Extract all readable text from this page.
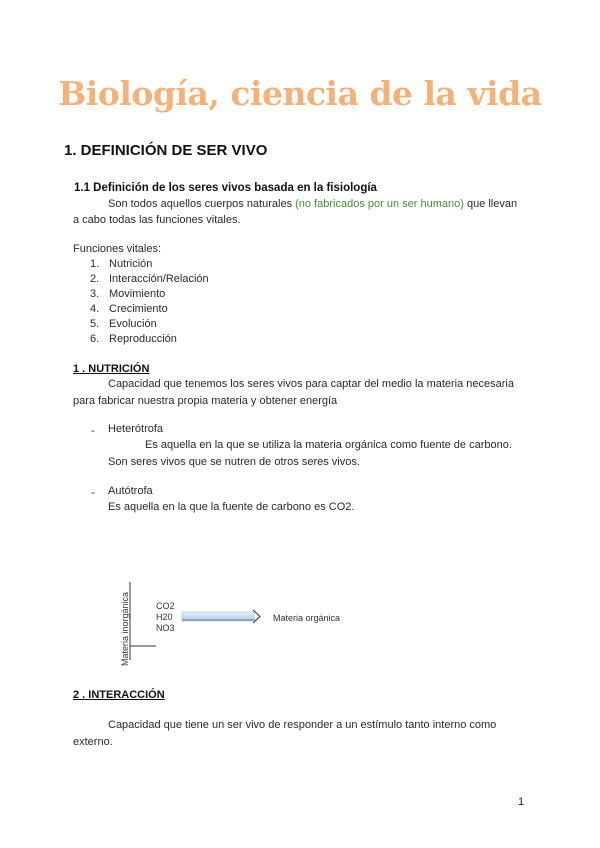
Biología, ciencia de la vida
1. DEFINICIÓN DE SER VIVO
1.1 Definición de los seres vivos basada en la fisiología
Son todos aquellos cuerpos naturales (no fabricados por un ser humano) que llevan
a cabo todas las funciones vitales.
Funciones vitales:
1. Nutrición
2. Interacción/Relación
3. Movimiento
4. Crecimiento
5. Evolución
6. Reproducción
1 . NUTRICIÓN
Capacidad que tenemos los seres vivos para captar del medio la materia necesaria
para fabricar nuestra propia materia y obtener energía
- Heterótrofa
Es aquella en la que se utiliza la materia orgánica como fuente de carbono.
Son seres vivos que se nutren de otros seres vivos.
- Autótrofa
Es aquella en la que la fuente de carbono es CO2.
Materia inorgánica	CO2
H20
NO3
Materia orgánica
2 . INTERACCIÓN
Capacidad que tiene un ser vivo de responder a un estímulo tanto interno como
externo.
1
